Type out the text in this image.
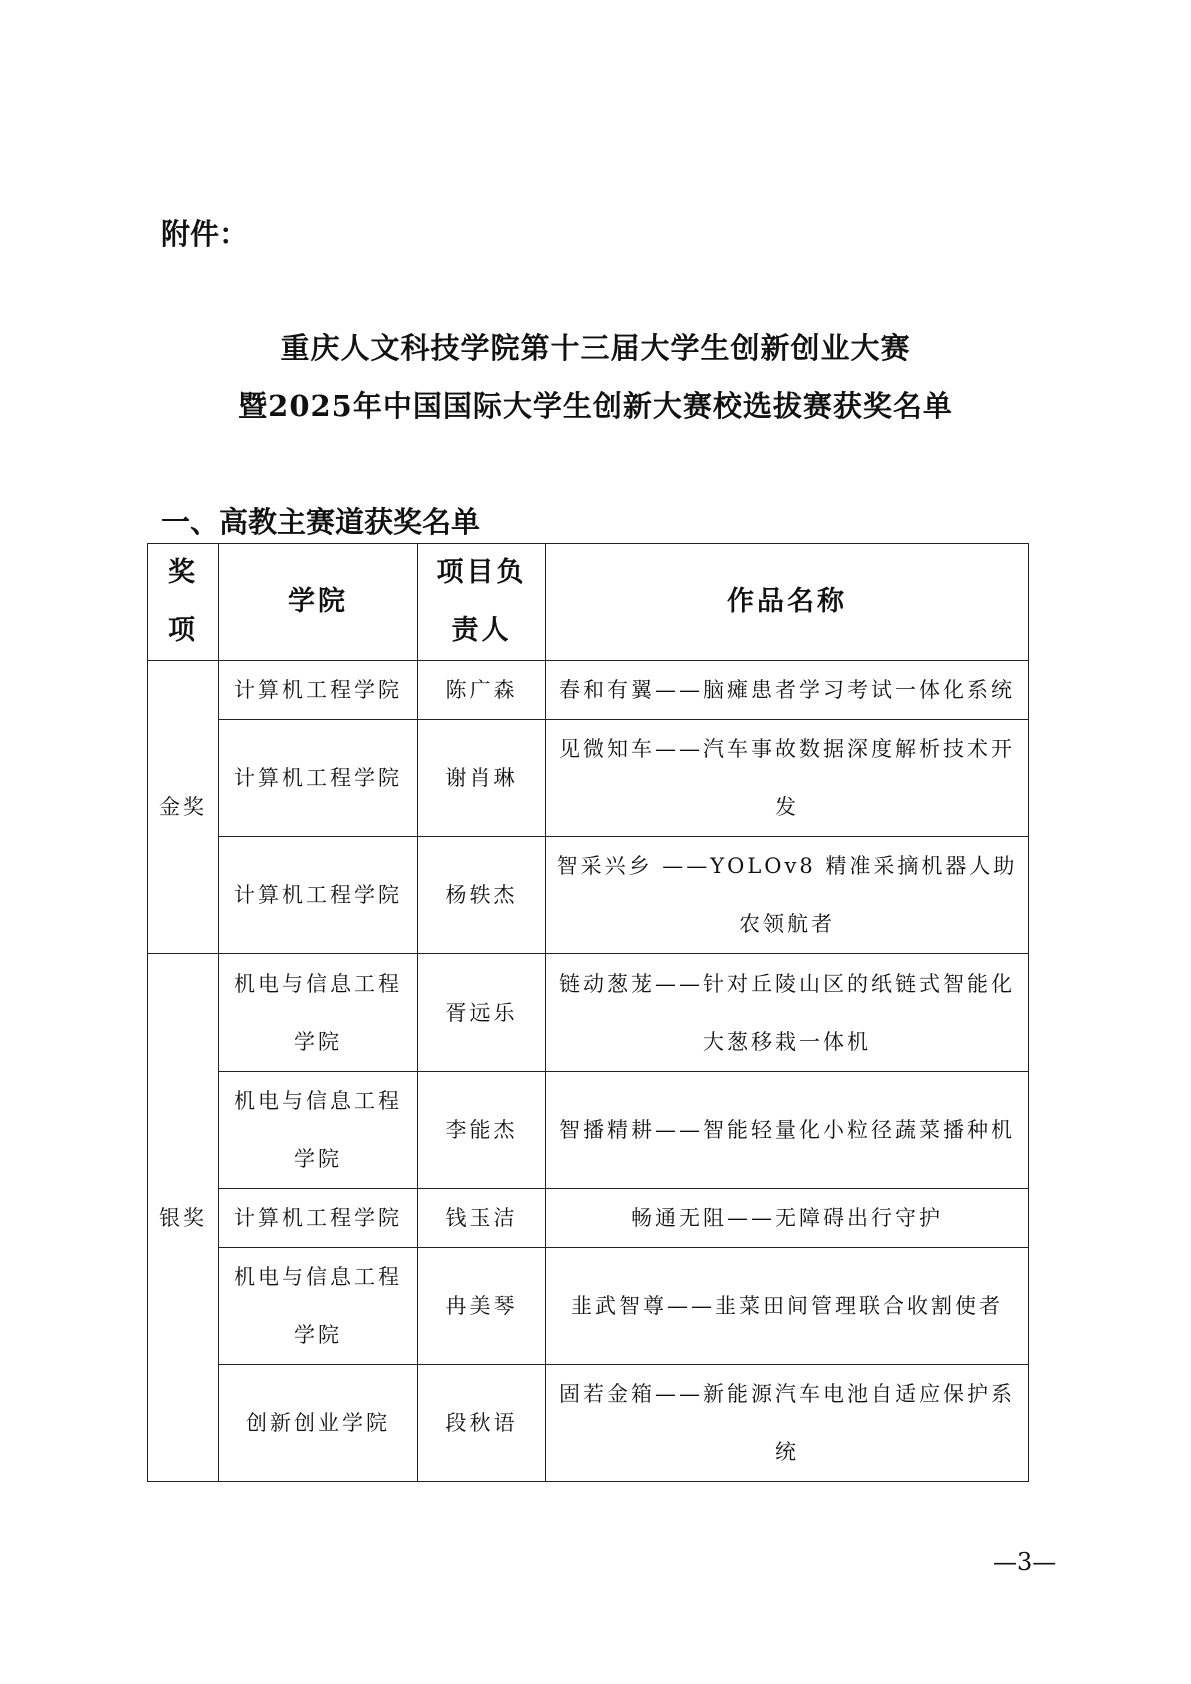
附件：
重庆人文科技学院第十三届大学生创新创业大赛
暨2025年中国国际大学生创新大赛校选拔赛获奖名单
一、高教主赛道获奖名单
奖项	学院	项目负责人	作品名称
金奖	计算机工程学院	陈广森	春和有翼——脑瘫患者学习考试一体化系统
	计算机工程学院	谢肖琳	见微知车——汽车事故数据深度解析技术开发
	计算机工程学院	杨轶杰	智采兴乡 ——YOLOv8 精准采摘机器人助农领航者
银奖	机电与信息工程学院	胥远乐	链动葱茏——针对丘陵山区的纸链式智能化大葱移栽一体机
	机电与信息工程学院	李能杰	智播精耕——智能轻量化小粒径蔬菜播种机
	计算机工程学院	钱玉洁	畅通无阻——无障碍出行守护
	机电与信息工程学院	冉美琴	韭武智尊——韭菜田间管理联合收割使者
	创新创业学院	段秋语	固若金箱——新能源汽车电池自适应保护系统
—3—
